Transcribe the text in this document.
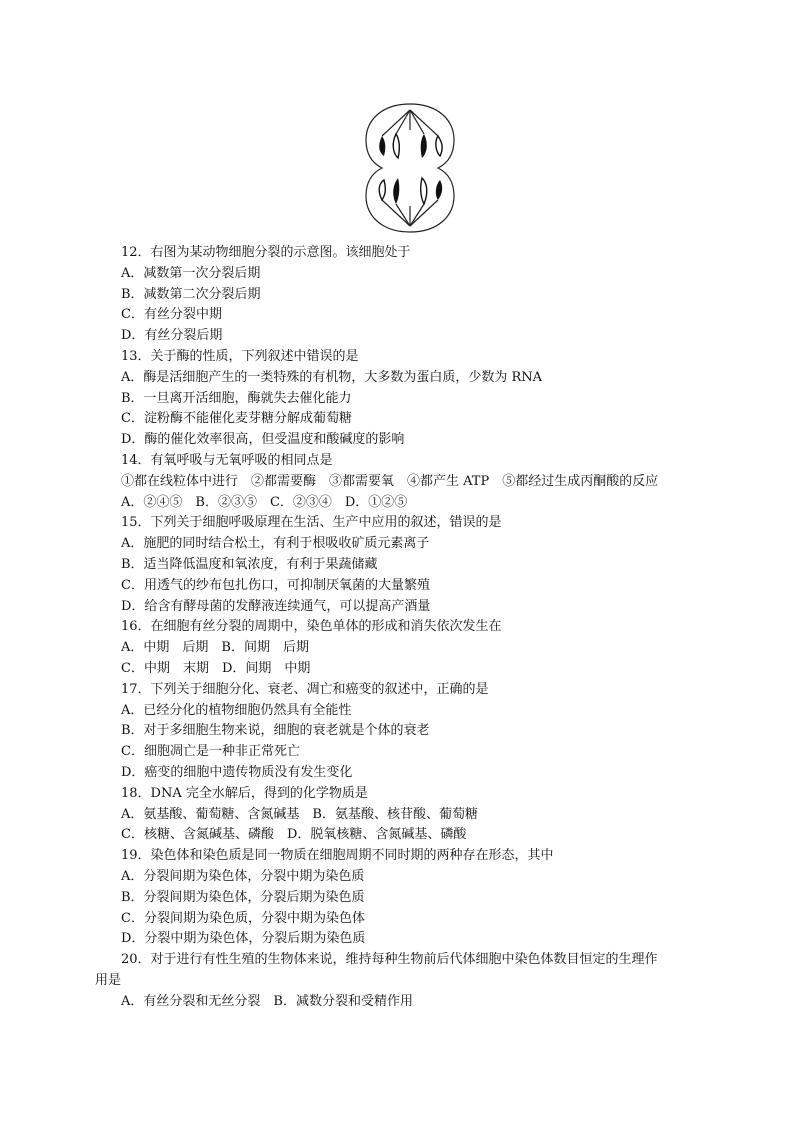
12．右图为某动物细胞分裂的示意图。该细胞处于
A．减数第一次分裂后期
B．减数第二次分裂后期
C．有丝分裂中期
D．有丝分裂后期
13．关于酶的性质，下列叙述中错误的是
A．酶是活细胞产生的一类特殊的有机物，大多数为蛋白质，少数为 RNA
B．一旦离开活细胞，酶就失去催化能力
C．淀粉酶不能催化麦芽糖分解成葡萄糖
D．酶的催化效率很高，但受温度和酸碱度的影响
14．有氧呼吸与无氧呼吸的相同点是
①都在线粒体中进行　②都需要酶　③都需要氧　④都产生 ATP　⑤都经过生成丙酮酸的反应
A．②④⑤　B．②③⑤　C．②③④　D．①②⑤
15．下列关于细胞呼吸原理在生活、生产中应用的叙述，错误的是
A．施肥的同时结合松土，有利于根吸收矿质元素离子
B．适当降低温度和氧浓度，有利于果蔬储藏
C．用透气的纱布包扎伤口，可抑制厌氧菌的大量繁殖
D．给含有酵母菌的发酵液连续通气，可以提高产酒量
16．在细胞有丝分裂的周期中，染色单体的形成和消失依次发生在
A．中期　后期　B．间期　后期
C．中期　末期　D．间期　中期
17．下列关于细胞分化、衰老、凋亡和癌变的叙述中，正确的是
A．已经分化的植物细胞仍然具有全能性
B．对于多细胞生物来说，细胞的衰老就是个体的衰老
C．细胞凋亡是一种非正常死亡
D．癌变的细胞中遗传物质没有发生变化
18．DNA 完全水解后，得到的化学物质是
A．氨基酸、葡萄糖、含氮碱基　B．氨基酸、核苷酸、葡萄糖
C．核糖、含氮碱基、磷酸　D．脱氧核糖、含氮碱基、磷酸
19．染色体和染色质是同一物质在细胞周期不同时期的两种存在形态，其中
A．分裂间期为染色体，分裂中期为染色质
B．分裂间期为染色体，分裂后期为染色质
C．分裂间期为染色质，分裂中期为染色体
D．分裂中期为染色体，分裂后期为染色质
20．对于进行有性生殖的生物体来说，维持每种生物前后代体细胞中染色体数目恒定的生理作
用是
A．有丝分裂和无丝分裂　B．减数分裂和受精作用
